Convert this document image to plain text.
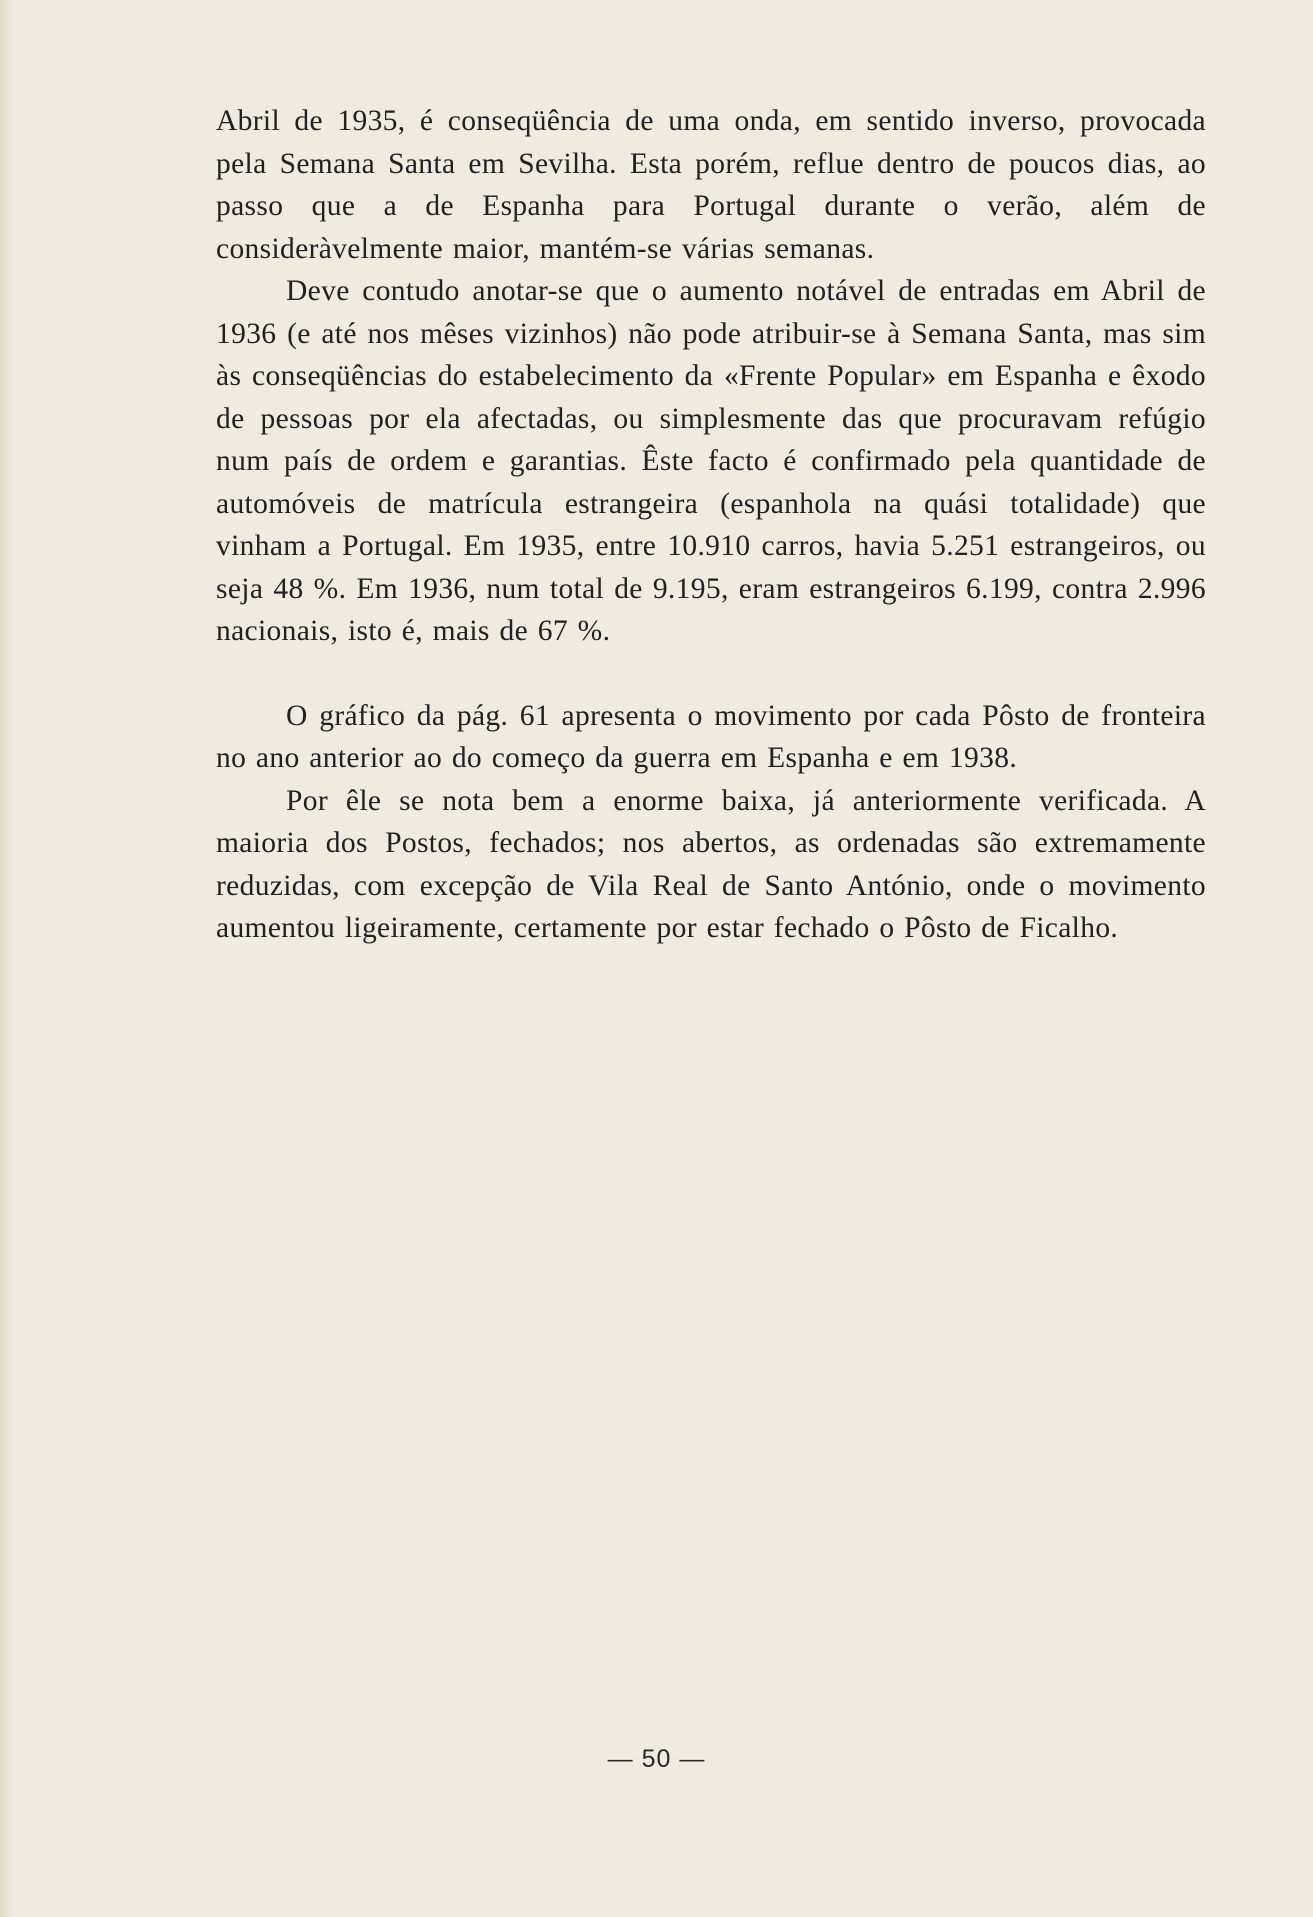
Abril de 1935, é conseqüência de uma onda, em sentido inverso, provocada pela Semana Santa em Sevilha. Esta porém, reflue dentro de poucos dias, ao passo que a de Espanha para Portugal durante o verão, além de consideràvelmente maior, mantém-se várias semanas.

Deve contudo anotar-se que o aumento notável de entradas em Abril de 1936 (e até nos mêses vizinhos) não pode atribuir-se à Semana Santa, mas sim às conseqüências do estabelecimento da «Frente Popular» em Espanha e êxodo de pessoas por ela afectadas, ou simplesmente das que procuravam refúgio num país de ordem e garantias. Êste facto é confirmado pela quantidade de automóveis de matrícula estrangeira (espanhola na quási totalidade) que vinham a Portugal. Em 1935, entre 10.910 carros, havia 5.251 estrangeiros, ou seja 48 %. Em 1936, num total de 9.195, eram estrangeiros 6.199, contra 2.996 nacionais, isto é, mais de 67 %.

O gráfico da pág. 61 apresenta o movimento por cada Pôsto de fronteira no ano anterior ao do começo da guerra em Espanha e em 1938.

Por êle se nota bem a enorme baixa, já anteriormente verificada. A maioria dos Postos, fechados; nos abertos, as ordenadas são extremamente reduzidas, com excepção de Vila Real de Santo António, onde o movimento aumentou ligeiramente, certamente por estar fechado o Pôsto de Ficalho.

— 50 —
